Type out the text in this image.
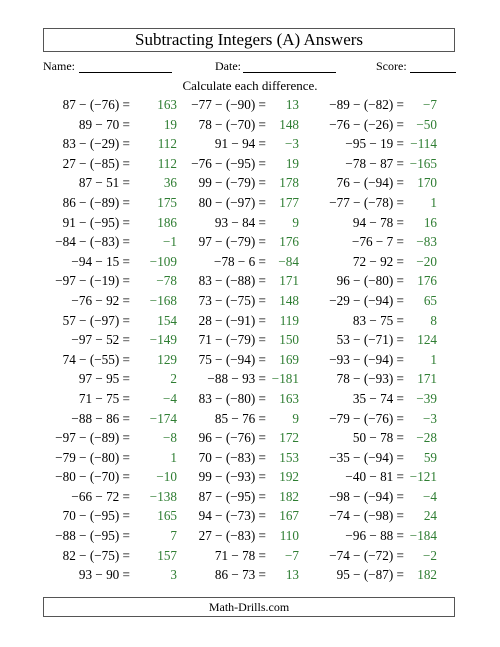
Subtracting Integers (A) Answers
Name:	Date:	Score:
Calculate each difference.
87 − (−76) =	163	−77 − (−90) =	13	−89 − (−82) =	−7
89 − 70 =	19	78 − (−70) =	148	−76 − (−26) = −50
83 − (−29) =	112	91 − 94 =	−3	−95 − 19 = −114
27 − (−85) =	112	−76 − (−95) =	19	−78 − 87 = −165
87 − 51 =	36	99 − (−79) =	178	76 − (−94) =	170
86 − (−89) =	175	80 − (−97) =	177	−77 − (−78) =	1
91 − (−95) =	186	93 − 84 =	9	94 − 78 =	16
−84 − (−83) =	−1	97 − (−79) =	176	−76 − 7 = −83
−94 − 15 =	−109	−78 − 6 = −84	72 − 92 = −20
−97 − (−19) =	−78	83 − (−88) =	171	96 − (−80) =	176
−76 − 92 =	−168	73 − (−75) =	148	−29 − (−94) =	65
57 − (−97) =	154	28 − (−91) =	119	83 − 75 =	8
−97 − 52 =	−149	71 − (−79) =	150	53 − (−71) =	124
74 − (−55) =	129	75 − (−94) =	169	−93 − (−94) =	1
97 − 95 =	2	−88 − 93 = −181	78 − (−93) =	171
71 − 75 =	−4	83 − (−80) =	163	35 − 74 = −39
−88 − 86 =	−174	85 − 76 =	9	−79 − (−76) =	−3
−97 − (−89) =	−8	96 − (−76) =	172	50 − 78 = −28
−79 − (−80) =	1	70 − (−83) =	153	−35 − (−94) =	59
−80 − (−70) =	−10	99 − (−93) =	192	−40 − 81 = −121
−66 − 72 =	−138	87 − (−95) =	182	−98 − (−94) =	−4
70 − (−95) =	165	94 − (−73) =	167	−74 − (−98) =	24
−88 − (−95) =	7	27 − (−83) =	110	−96 − 88 = −184
82 − (−75) =	157	71 − 78 =	−7	−74 − (−72) =	−2
93 − 90 =	3	86 − 73 =	13	95 − (−87) =	182
Math-Drills.com
